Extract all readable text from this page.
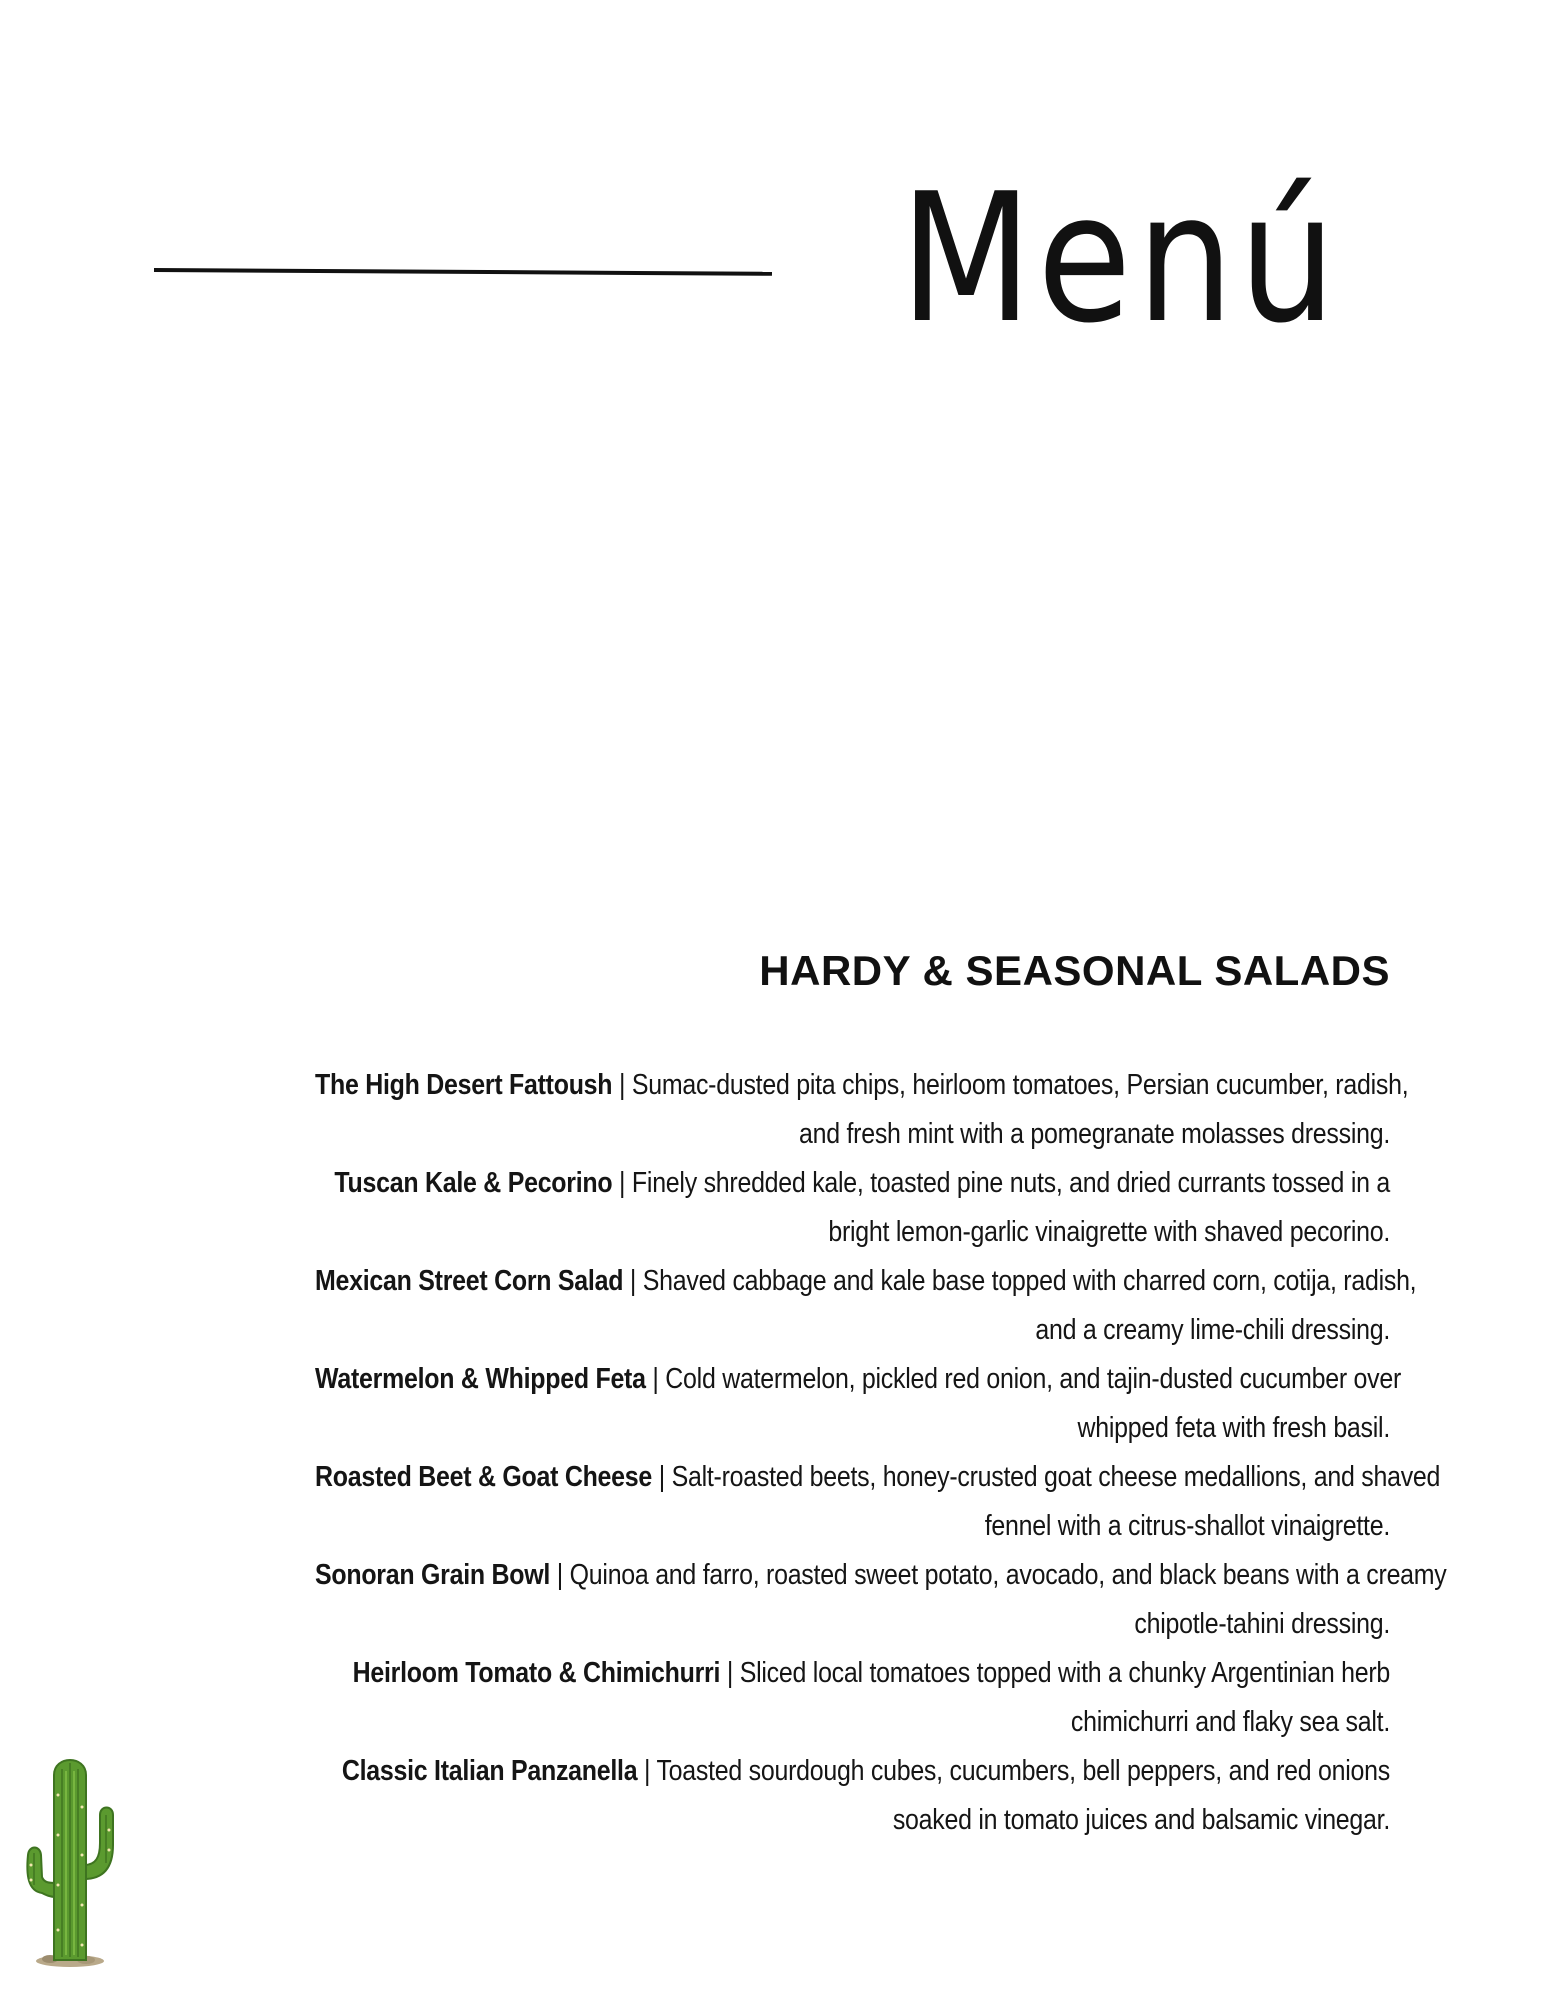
Menú
HARDY & SEASONAL SALADS
The High Desert Fattoush | Sumac-dusted pita chips, heirloom tomatoes, Persian cucumber, radish,
and fresh mint with a pomegranate molasses dressing.
Tuscan Kale & Pecorino | Finely shredded kale, toasted pine nuts, and dried currants tossed in a
bright lemon-garlic vinaigrette with shaved pecorino.
Mexican Street Corn Salad | Shaved cabbage and kale base topped with charred corn, cotija, radish,
and a creamy lime-chili dressing.
Watermelon & Whipped Feta | Cold watermelon, pickled red onion, and tajin-dusted cucumber over
whipped feta with fresh basil.
Roasted Beet & Goat Cheese | Salt-roasted beets, honey-crusted goat cheese medallions, and shaved
fennel with a citrus-shallot vinaigrette.
Sonoran Grain Bowl | Quinoa and farro, roasted sweet potato, avocado, and black beans with a creamy
chipotle-tahini dressing.
Heirloom Tomato & Chimichurri | Sliced local tomatoes topped with a chunky Argentinian herb
chimichurri and flaky sea salt.
Classic Italian Panzanella | Toasted sourdough cubes, cucumbers, bell peppers, and red onions
soaked in tomato juices and balsamic vinegar.
